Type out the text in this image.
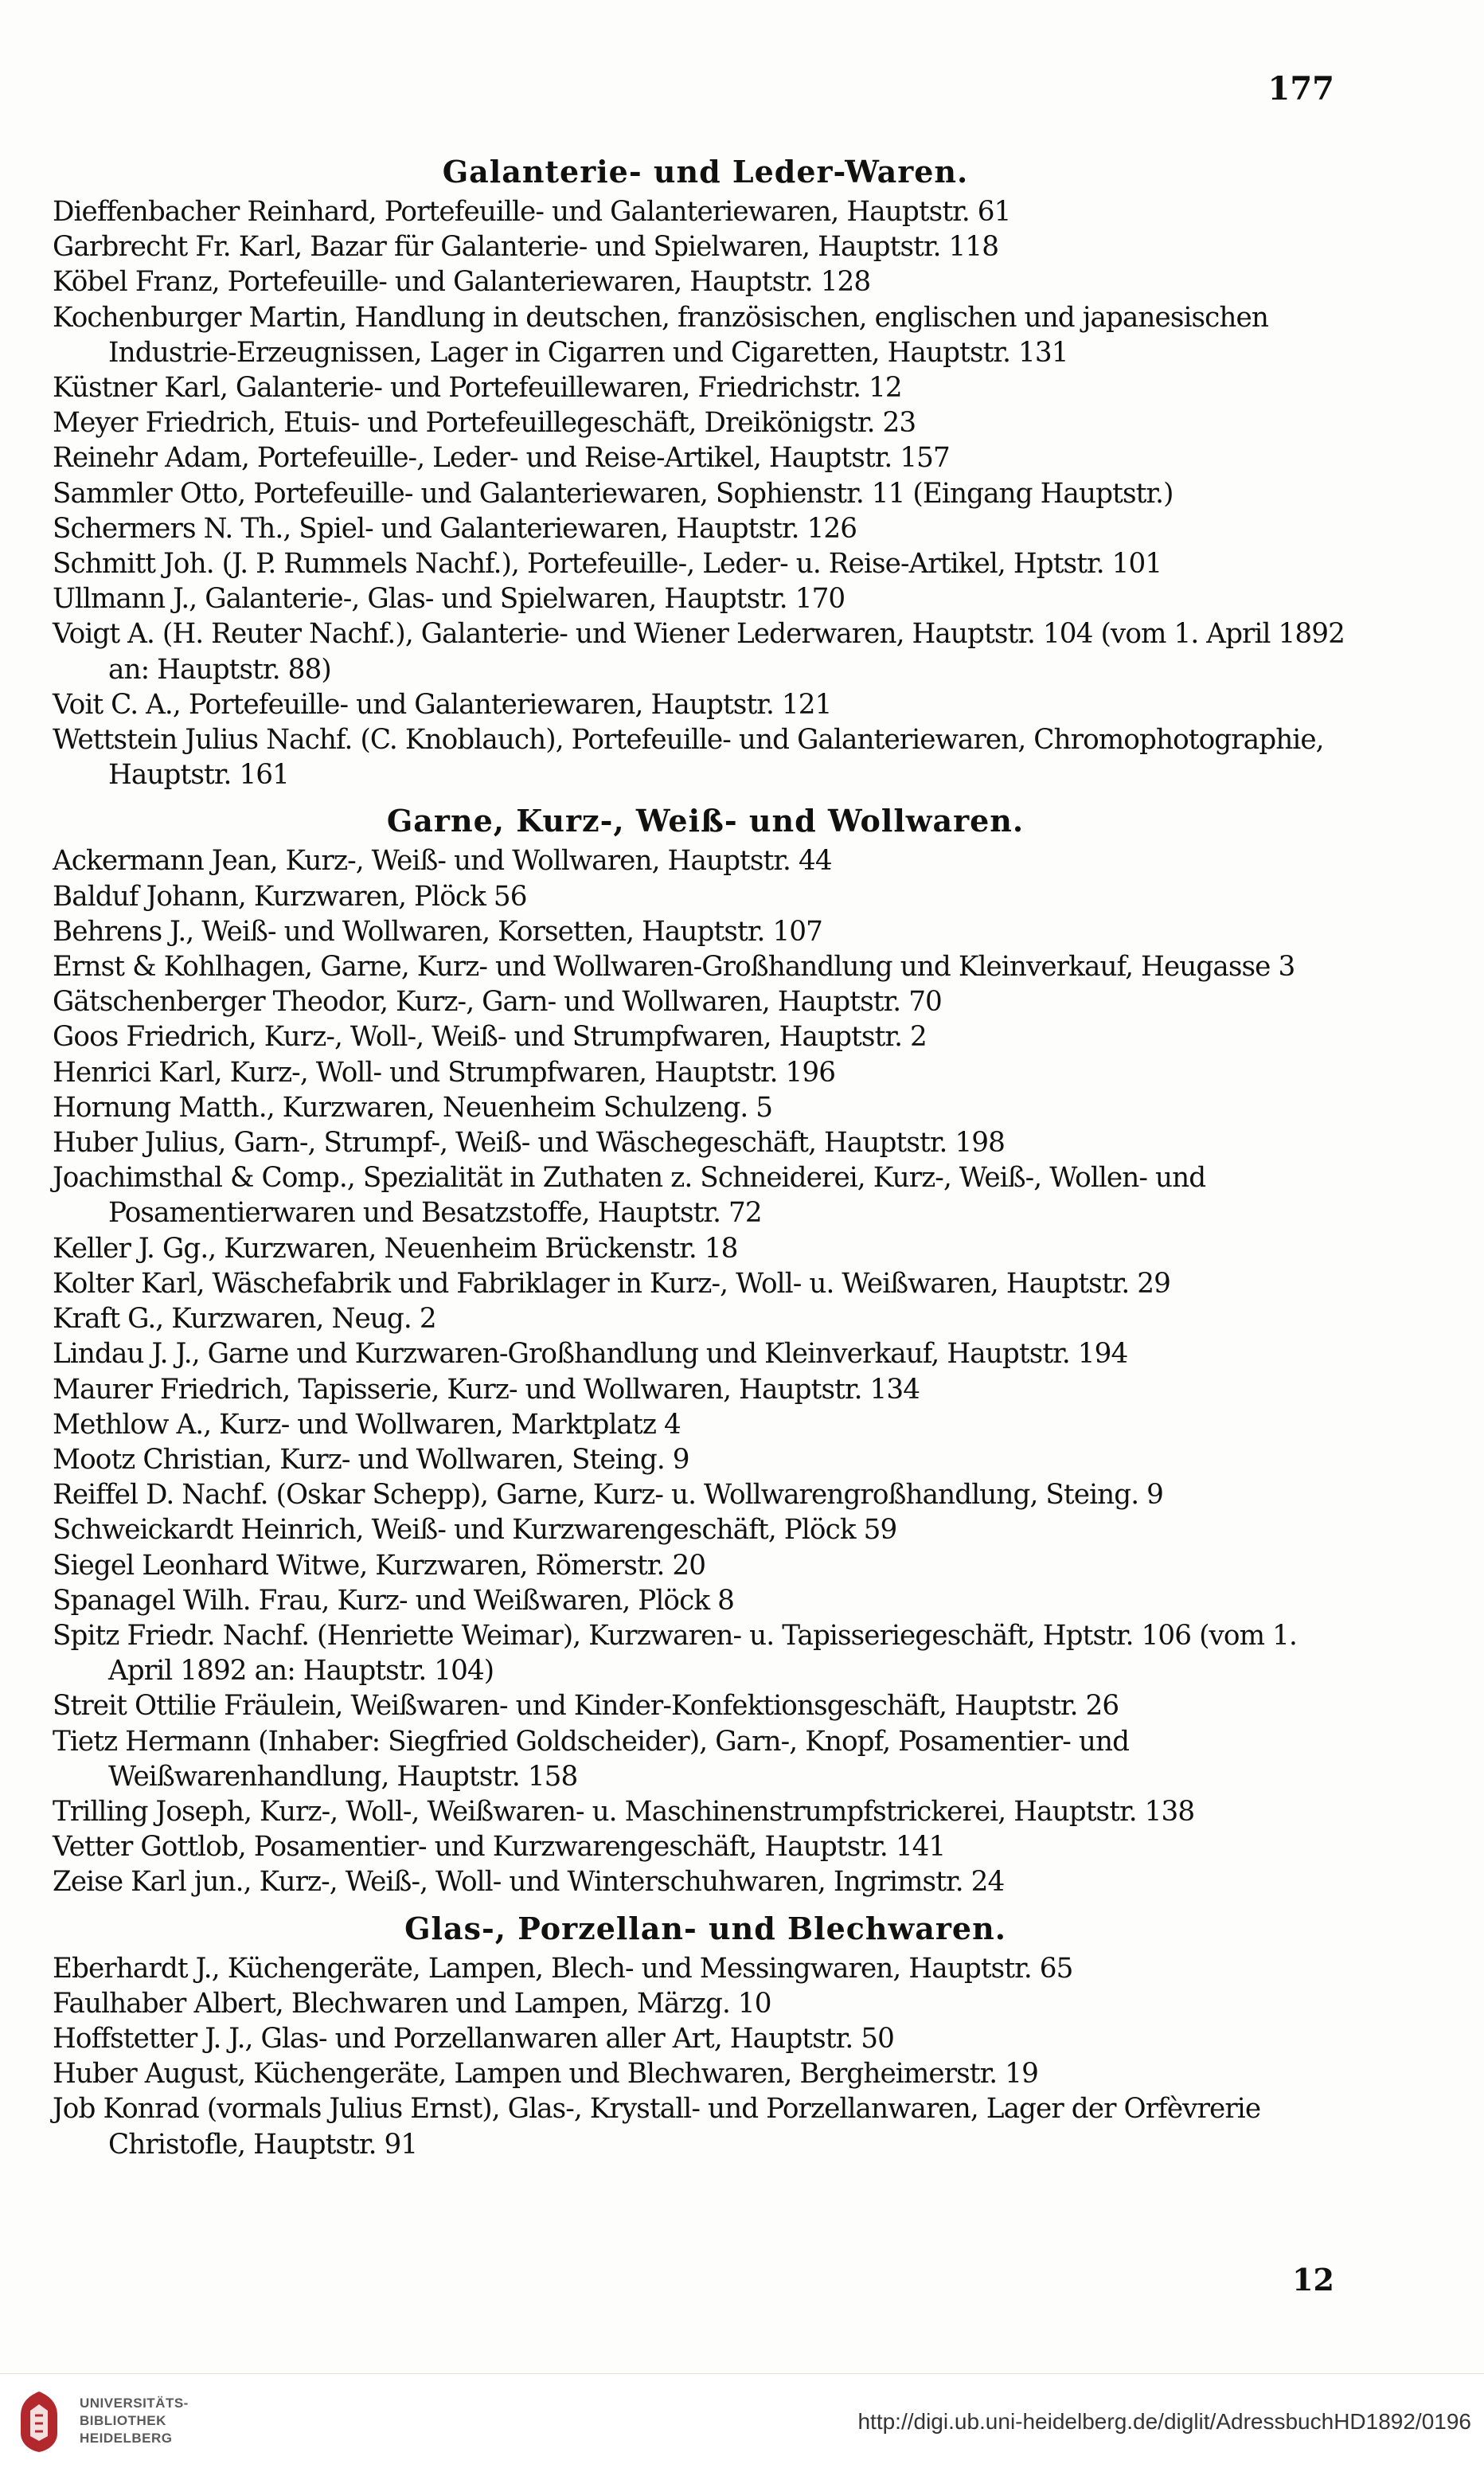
177
Galanterie- und Leder-Waren.
Dieffenbacher Reinhard, Portefeuille- und Galanteriewaren, Hauptstr. 61
Garbrecht Fr. Karl, Bazar für Galanterie- und Spielwaren, Hauptstr. 118
Köbel Franz, Portefeuille- und Galanteriewaren, Hauptstr. 128
Kochenburger Martin, Handlung in deutschen, französischen, englischen und japanesischen Industrie-Erzeugnissen, Lager in Cigarren und Cigaretten, Hauptstr. 131
Küstner Karl, Galanterie- und Portefeuillewaren, Friedrichstr. 12
Meyer Friedrich, Etuis- und Portefeuillegeschäft, Dreikönigstr. 23
Reinehr Adam, Portefeuille-, Leder- und Reise-Artikel, Hauptstr. 157
Sammler Otto, Portefeuille- und Galanteriewaren, Sophienstr. 11 (Eingang Hauptstr.)
Schermers N. Th., Spiel- und Galanteriewaren, Hauptstr. 126
Schmitt Joh. (J. P. Rummels Nachf.), Portefeuille-, Leder- u. Reise-Artikel, Hptstr. 101
Ullmann J., Galanterie-, Glas- und Spielwaren, Hauptstr. 170
Voigt A. (H. Reuter Nachf.), Galanterie- und Wiener Lederwaren, Hauptstr. 104 (vom 1. April 1892 an: Hauptstr. 88)
Voit C. A., Portefeuille- und Galanteriewaren, Hauptstr. 121
Wettstein Julius Nachf. (C. Knoblauch), Portefeuille- und Galanteriewaren, Chromophotographie, Hauptstr. 161
Garne, Kurz-, Weiß- und Wollwaren.
Ackermann Jean, Kurz-, Weiß- und Wollwaren, Hauptstr. 44
Balduf Johann, Kurzwaren, Plöck 56
Behrens J., Weiß- und Wollwaren, Korsetten, Hauptstr. 107
Ernst & Kohlhagen, Garne, Kurz- und Wollwaren-Großhandlung und Kleinverkauf, Heugasse 3
Gätschenberger Theodor, Kurz-, Garn- und Wollwaren, Hauptstr. 70
Goos Friedrich, Kurz-, Woll-, Weiß- und Strumpfwaren, Hauptstr. 2
Henrici Karl, Kurz-, Woll- und Strumpfwaren, Hauptstr. 196
Hornung Matth., Kurzwaren, Neuenheim Schulzeng. 5
Huber Julius, Garn-, Strumpf-, Weiß- und Wäschegeschäft, Hauptstr. 198
Joachimsthal & Comp., Spezialität in Zuthaten z. Schneiderei, Kurz-, Weiß-, Wollen- und Posamentierwaren und Besatzstoffe, Hauptstr. 72
Keller J. Gg., Kurzwaren, Neuenheim Brückenstr. 18
Kolter Karl, Wäschefabrik und Fabriklager in Kurz-, Woll- u. Weißwaren, Hauptstr. 29
Kraft G., Kurzwaren, Neug. 2
Lindau J. J., Garne und Kurzwaren-Großhandlung und Kleinverkauf, Hauptstr. 194
Maurer Friedrich, Tapisserie, Kurz- und Wollwaren, Hauptstr. 134
Methlow A., Kurz- und Wollwaren, Marktplatz 4
Mootz Christian, Kurz- und Wollwaren, Steing. 9
Reiffel D. Nachf. (Oskar Schepp), Garne, Kurz- u. Wollwarengroßhandlung, Steing. 9
Schweickardt Heinrich, Weiß- und Kurzwarengeschäft, Plöck 59
Siegel Leonhard Witwe, Kurzwaren, Römerstr. 20
Spanagel Wilh. Frau, Kurz- und Weißwaren, Plöck 8
Spitz Friedr. Nachf. (Henriette Weimar), Kurzwaren- u. Tapisseriegeschäft, Hptstr. 106 (vom 1. April 1892 an: Hauptstr. 104)
Streit Ottilie Fräulein, Weißwaren- und Kinder-Konfektionsgeschäft, Hauptstr. 26
Tietz Hermann (Inhaber: Siegfried Goldscheider), Garn-, Knopf, Posamentier- und Weißwarenhandlung, Hauptstr. 158
Trilling Joseph, Kurz-, Woll-, Weißwaren- u. Maschinenstrumpfstrickerei, Hauptstr. 138
Vetter Gottlob, Posamentier- und Kurzwarengeschäft, Hauptstr. 141
Zeise Karl jun., Kurz-, Weiß-, Woll- und Winterschuhwaren, Ingrimstr. 24
Glas-, Porzellan- und Blechwaren.
Eberhardt J., Küchengeräte, Lampen, Blech- und Messingwaren, Hauptstr. 65
Faulhaber Albert, Blechwaren und Lampen, Märzg. 10
Hoffstetter J. J., Glas- und Porzellanwaren aller Art, Hauptstr. 50
Huber August, Küchengeräte, Lampen und Blechwaren, Bergheimerstr. 19
Job Konrad (vormals Julius Ernst), Glas-, Krystall- und Porzellanwaren, Lager der Orfèvrerie Christofle, Hauptstr. 91
12
UNIVERSITÄTS-
BIBLIOTHEK
HEIDELBERG
http://digi.ub.uni-heidelberg.de/diglit/AdressbuchHD1892/0196
